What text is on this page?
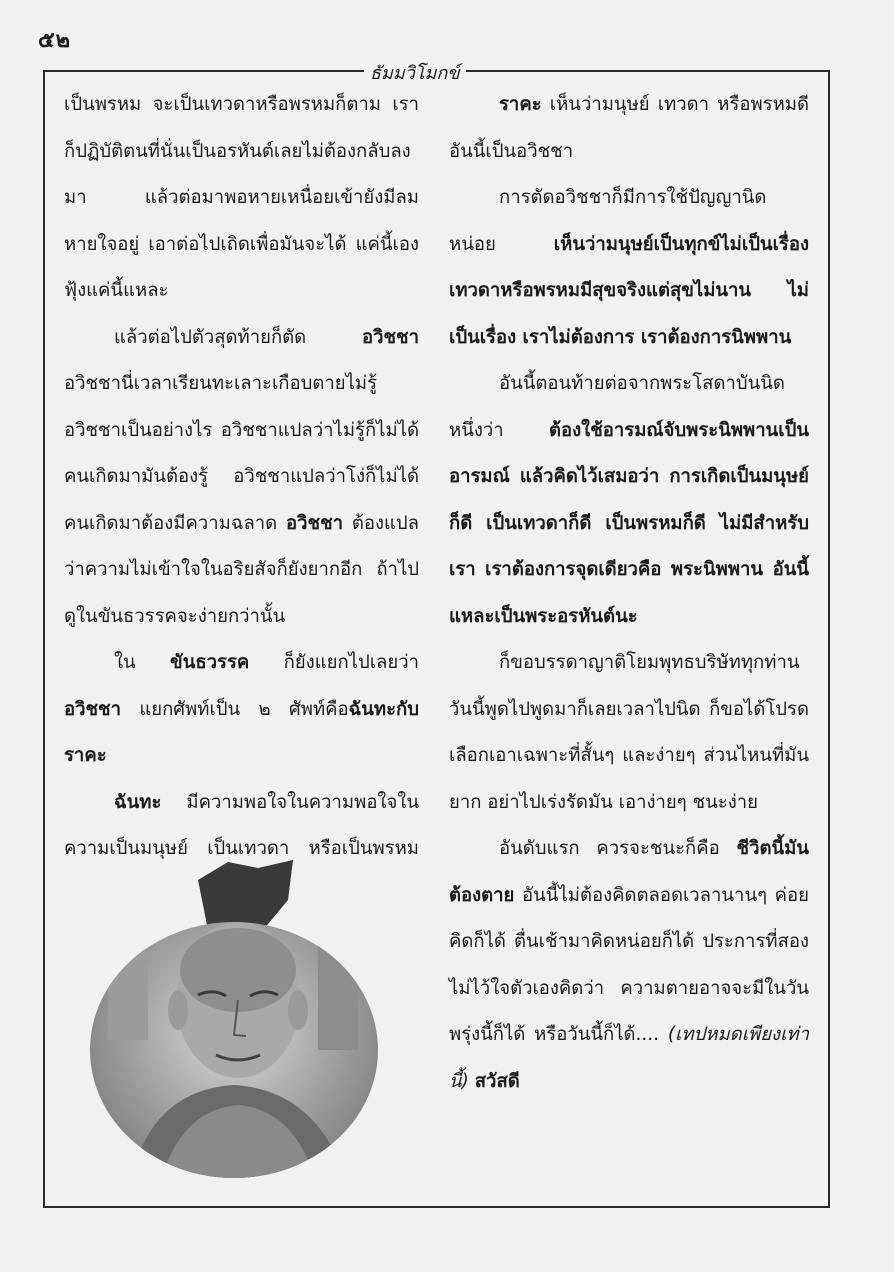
๕๒
ธัมมวิโมกข์

เป็นพรหม จะเป็นเทวดาหรือพรหมก็ตาม เราก็ปฏิบัติตนที่นั่นเป็นอรหันต์เลยไม่ต้องกลับลงมา แล้วต่อมาพอหายเหนื่อยเข้ายังมีลมหายใจอยู่ เอาต่อไปเถิดเพื่อมันจะได้ แค่นี้เองฟุ้งแค่นี้แหละ

แล้วต่อไปตัวสุดท้ายก็ตัด อวิชชา อวิชชานี่เวลาเรียนทะเลาะเกือบตายไม่รู้อวิชชาเป็นอย่างไร อวิชชาแปลว่าไม่รู้ก็ไม่ได้ คนเกิดมามันต้องรู้ อวิชชาแปลว่าโง่ก็ไม่ได้ คนเกิดมาต้องมีความฉลาด อวิชชา ต้องแปลว่าความไม่เข้าใจในอริยสัจก็ยังยากอีก ถ้าไปดูในขันธวรรคจะง่ายกว่านั้น

ใน ขันธวรรค ก็ยังแยกไปเลยว่า อวิชชา แยกศัพท์เป็น ๒ ศัพท์คือฉันทะกับราคะ

ฉันทะ มีความพอใจในความพอใจในความเป็นมนุษย์ เป็นเทวดา หรือเป็นพรหม

ราคะ เห็นว่ามนุษย์ เทวดา หรือพรหมดี อันนี้เป็นอวิชชา

การตัดอวิชชาก็มีการใช้ปัญญานิดหน่อย เห็นว่ามนุษย์เป็นทุกข์ไม่เป็นเรื่อง เทวดาหรือพรหมมีสุขจริงแต่สุขไม่นาน ไม่เป็นเรื่อง เราไม่ต้องการ เราต้องการนิพพาน

อันนี้ตอนท้ายต่อจากพระโสดาบันนิดหนึ่งว่า ต้องใช้อารมณ์จับพระนิพพานเป็นอารมณ์ แล้วคิดไว้เสมอว่า การเกิดเป็นมนุษย์ก็ดี เป็นเทวดาก็ดี เป็นพรหมก็ดี ไม่มีสำหรับเรา เราต้องการจุดเดียวคือ พระนิพพาน อันนี้แหละเป็นพระอรหันต์นะ

ก็ขอบรรดาญาติโยมพุทธบริษัททุกท่าน วันนี้พูดไปพูดมาก็เลยเวลาไปนิด ก็ขอได้โปรดเลือกเอาเฉพาะที่สั้นๆ และง่ายๆ ส่วนไหนที่มันยาก อย่าไปเร่งรัดมัน เอาง่ายๆ ชนะง่าย

อันดับแรก ควรจะชนะก็คือ ชีวิตนี้มันต้องตาย อันนี้ไม่ต้องคิดตลอดเวลานานๆ ค่อยคิดก็ได้ ตื่นเช้ามาคิดหน่อยก็ได้ ประการที่สอง ไม่ไว้ใจตัวเองคิดว่า ความตายอาจจะมีในวันพรุ่งนี้ก็ได้ หรือวันนี้ก็ได้.... (เทปหมดเพียงเท่านี้) สวัสดี
